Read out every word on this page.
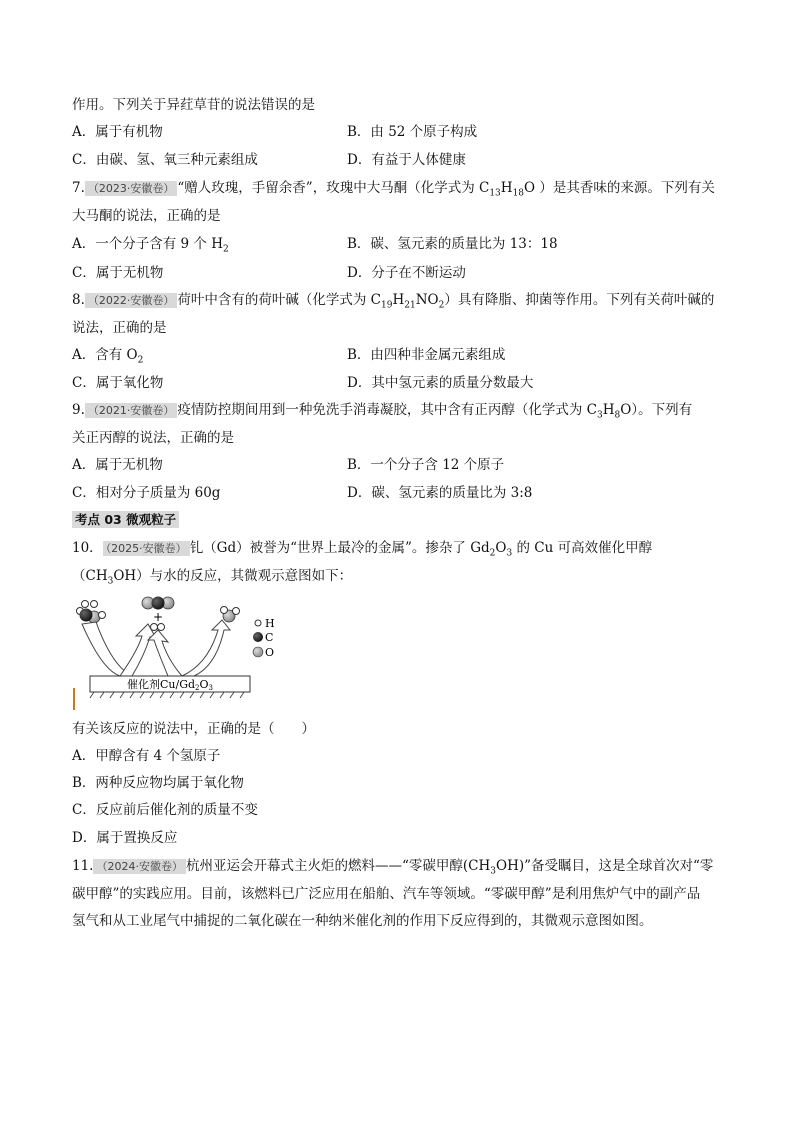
作用。下列关于异荭草苷的说法错误的是
A．属于有机物	B．由 52 个原子构成
C．由碳、氢、氧三种元素组成	D．有益于人体健康
7. （2023·安徽卷） “赠人玫瑰，手留余香”，玫瑰中大马酮（化学式为 $C_{13}H_{18}O$ ）是其香味的来源。下列有关
大马酮的说法，正确的是
A．一个分子含有 9 个 $H_2$	B．碳、氢元素的质量比为 13：18
C．属于无机物	D．分子在不断运动
8. （2022·安徽卷） 荷叶中含有的荷叶碱（化学式为 $C_{19}H_{21}NO_2$）具有降脂、抑菌等作用。下列有关荷叶碱的
说法，正确的是
A．含有 $O_2$	B．由四种非金属元素组成
C．属于氧化物	D．其中氢元素的质量分数最大
9. （2021·安徽卷） 疫情防控期间用到一种免洗手消毒凝胶，其中含有正丙醇（化学式为 $C_3H_8O$）。下列有
关正丙醇的说法，正确的是
A．属于无机物	B．一个分子含 12 个原子
C．相对分子质量为 60g	D．碳、氢元素的质量比为 3:8
考点 03 微观粒子
10． （2025·安徽卷） 钆（Gd）被誉为“世界上最冷的金属”。掺杂了 $Gd_2O_3$ 的 Cu 可高效催化甲醇
$(CH_3OH)$与水的反应，其微观示意图如下：
+
催化剂Cu/Gd2O3
H
C
O
有关该反应的说法中，正确的是（　　）
A．甲醇含有 4 个氢原子
B．两种反应物均属于氧化物
C．反应前后催化剂的质量不变
D．属于置换反应
11. （2024·安徽卷） 杭州亚运会开幕式主火炬的燃料——“零碳甲醇$(CH_3OH)$”备受瞩目，这是全球首次对“零
碳甲醇”的实践应用。目前，该燃料已广泛应用在船舶、汽车等领域。“零碳甲醇”是利用焦炉气中的副产品
氢气和从工业尾气中捕捉的二氧化碳在一种纳米催化剂的作用下反应得到的，其微观示意图如图。
